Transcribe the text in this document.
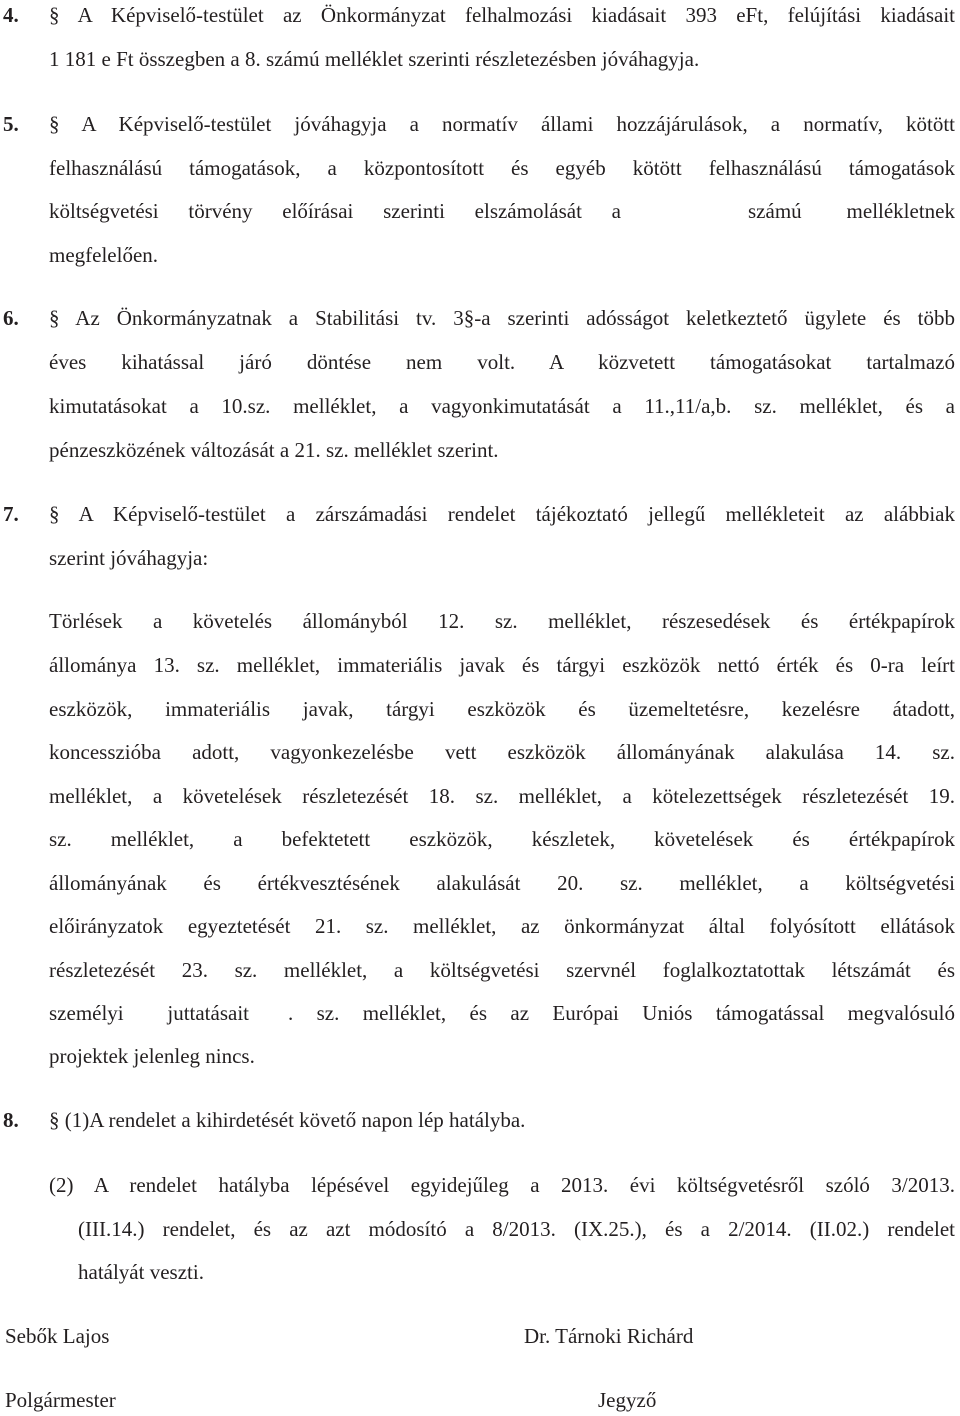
4. § A Képviselő-testület az Önkormányzat felhalmozási kiadásait 393 eFt, felújítási kiadásait
1 181 e Ft összegben a 8. számú melléklet szerinti részletezésben jóváhagyja.
5. § A Képviselő-testület jóváhagyja a normatív állami hozzájárulások, a normatív, kötött
felhasználású támogatások, a központosított és egyéb kötött felhasználású támogatások
költségvetési törvény előírásai szerinti elszámolását a	számú mellékletnek
megfelelően.
6. § Az Önkormányzatnak a Stabilitási tv. 3§-a szerinti adósságot keletkeztető ügylete és több
éves kihatással járó döntése nem volt. A közvetett támogatásokat tartalmazó
kimutatásokat a 10.sz. melléklet, a vagyonkimutatását a 11.,11/a,b. sz. melléklet, és a
pénzeszközének változását a 21. sz. melléklet szerint.
7. § A Képviselő-testület a zárszámadási rendelet tájékoztató jellegű mellékleteit az alábbiak
szerint jóváhagyja:
Törlések a követelés állományból 12. sz. melléklet, részesedések és értékpapírok
állománya 13. sz. melléklet, immateriális javak és tárgyi eszközök nettó érték és 0-ra leírt
eszközök, immateriális javak, tárgyi eszközök és üzemeltetésre, kezelésre átadott,
koncesszióba adott, vagyonkezelésbe vett eszközök állományának alakulása 14. sz.
melléklet, a követelések részletezését 18. sz. melléklet, a kötelezettségek részletezését 19.
sz. melléklet, a befektetett eszközök, készletek, követelések és értékpapírok
állományának és értékvesztésének alakulását 20. sz. melléklet, a költségvetési
előirányzatok egyeztetését 21. sz. melléklet, az önkormányzat által folyósított ellátások
részletezését 23. sz. melléklet, a költségvetési szervnél foglalkoztatottak létszámát és
személyi juttatásait . sz. melléklet, és az Európai Uniós támogatással megvalósuló
projektek jelenleg nincs.
8. § (1)A rendelet a kihirdetését követő napon lép hatályba.
(2) A rendelet hatályba lépésével egyidejűleg a 2013. évi költségvetésről szóló 3/2013.
(III.14.) rendelet, és az azt módosító a 8/2013. (IX.25.), és a 2/2014. (II.02.) rendelet
hatályát veszti.
Sebők Lajos
Polgármester
Dr. Tárnoki Richárd
Jegyző
